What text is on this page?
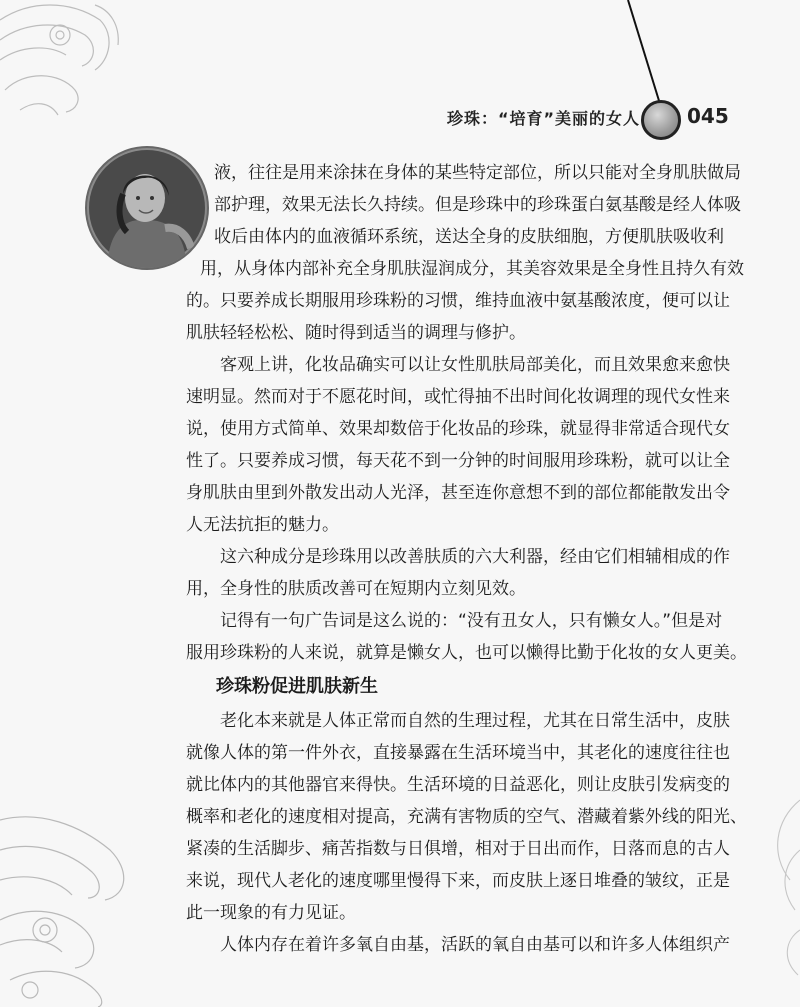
珍珠：“培育”美丽的女人 045
液，往往是用来涂抹在身体的某些特定部位，所以只能对全身肌肤做局
部护理，效果无法长久持续。但是珍珠中的珍珠蛋白氨基酸是经人体吸
收后由体内的血液循环系统，送达全身的皮肤细胞，方便肌肤吸收利
用，从身体内部补充全身肌肤湿润成分，其美容效果是全身性且持久有效
的。只要养成长期服用珍珠粉的习惯，维持血液中氨基酸浓度，便可以让
肌肤轻轻松松、随时得到适当的调理与修护。
客观上讲，化妆品确实可以让女性肌肤局部美化，而且效果愈来愈快
速明显。然而对于不愿花时间，或忙得抽不出时间化妆调理的现代女性来
说，使用方式简单、效果却数倍于化妆品的珍珠，就显得非常适合现代女
性了。只要养成习惯，每天花不到一分钟的时间服用珍珠粉，就可以让全
身肌肤由里到外散发出动人光泽，甚至连你意想不到的部位都能散发出令
人无法抗拒的魅力。
这六种成分是珍珠用以改善肤质的六大利器，经由它们相辅相成的作
用，全身性的肤质改善可在短期内立刻见效。
记得有一句广告词是这么说的：“没有丑女人，只有懒女人。”但是对
服用珍珠粉的人来说，就算是懒女人，也可以懒得比勤于化妆的女人更美。
珍珠粉促进肌肤新生
老化本来就是人体正常而自然的生理过程，尤其在日常生活中，皮肤
就像人体的第一件外衣，直接暴露在生活环境当中，其老化的速度往往也
就比体内的其他器官来得快。生活环境的日益恶化，则让皮肤引发病变的
概率和老化的速度相对提高，充满有害物质的空气、潜藏着紫外线的阳光、
紧凑的生活脚步、痛苦指数与日俱增，相对于日出而作，日落而息的古人
来说，现代人老化的速度哪里慢得下来，而皮肤上逐日堆叠的皱纹，正是
此一现象的有力见证。
人体内存在着许多氧自由基，活跃的氧自由基可以和许多人体组织产
